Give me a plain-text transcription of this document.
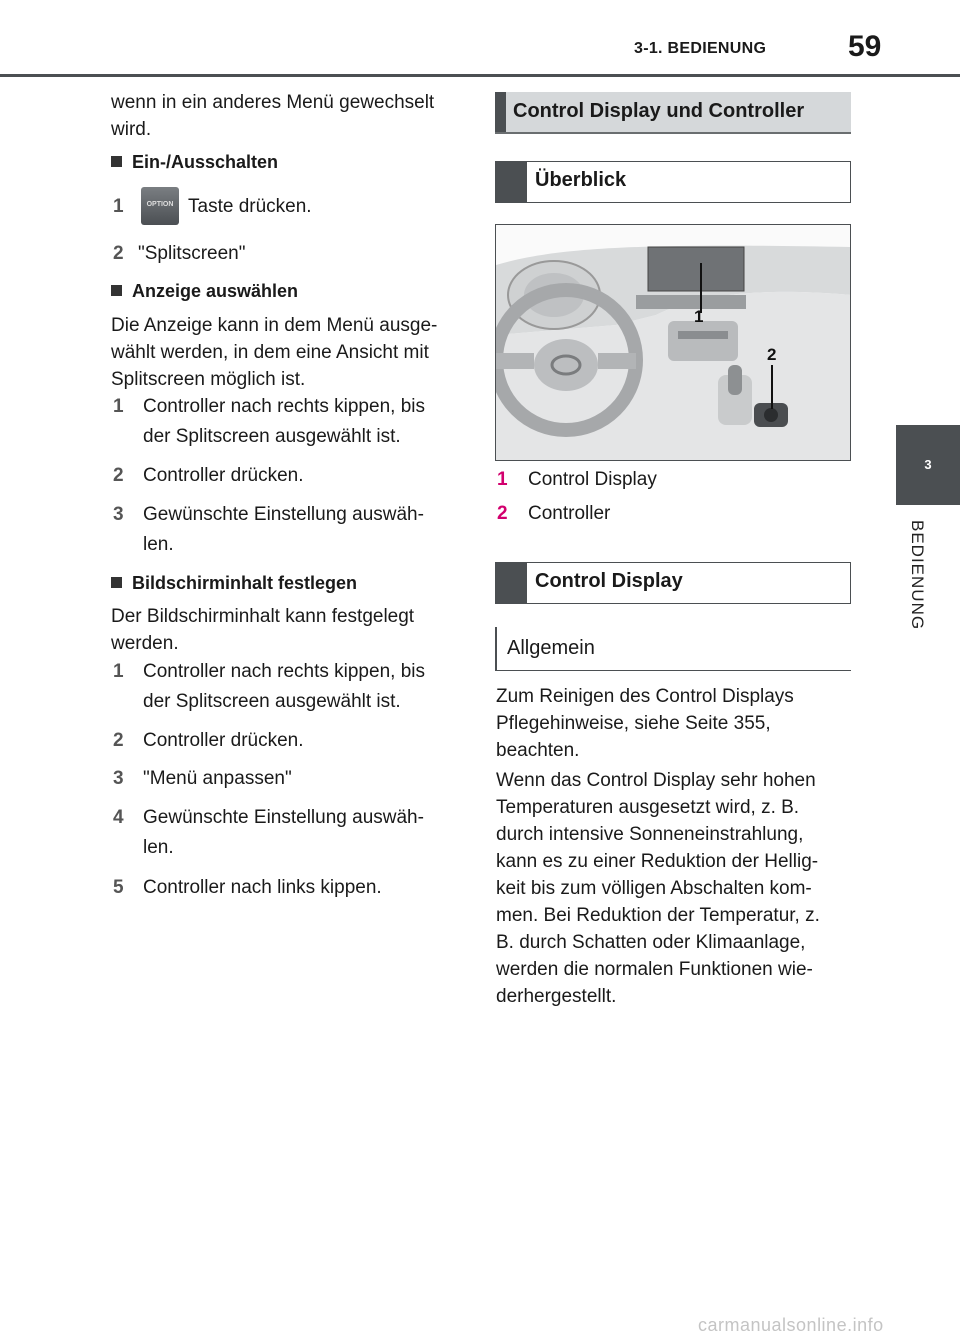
3-1. BEDIENUNG	59
3
BEDIENUNG
wenn in ein anderes Menü gewechselt
wird.
Ein-/Ausschalten
1	OPTION Taste drücken.
2 "Splitscreen"
Anzeige auswählen
Die Anzeige kann in dem Menü ausge-
wählt werden, in dem eine Ansicht mit
Splitscreen möglich ist.
1 Controller nach rechts kippen, bis
der Splitscreen ausgewählt ist.
2 Controller drücken.
3 Gewünschte Einstellung auswäh-
len.
Bildschirminhalt festlegen
Der Bildschirminhalt kann festgelegt
werden.
1 Controller nach rechts kippen, bis
der Splitscreen ausgewählt ist.
2 Controller drücken.
3 "Menü anpassen"
4 Gewünschte Einstellung auswäh-
len.
5 Controller nach links kippen.
Control Display und Controller
Überblick
1
2
1 Control Display
2 Controller
Control Display
Allgemein
Zum Reinigen des Control Displays
Pflegehinweise, siehe Seite 355,
beachten.
Wenn das Control Display sehr hohen
Temperaturen ausgesetzt wird, z. B.
durch intensive Sonneneinstrahlung,
kann es zu einer Reduktion der Hellig-
keit bis zum völligen Abschalten kom-
men. Bei Reduktion der Temperatur, z.
B. durch Schatten oder Klimaanlage,
werden die normalen Funktionen wie-
derhergestellt.
carmanualsonline.info
